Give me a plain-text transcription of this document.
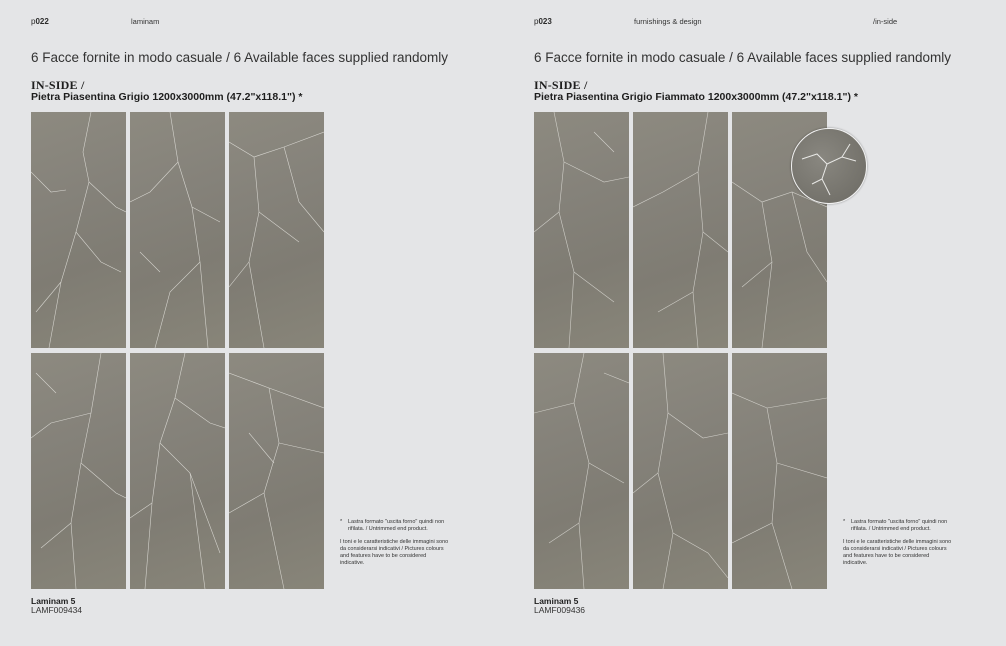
p022	laminam
6 Facce fornite in modo casuale / 6 Available faces supplied randomly
IN-SIDE /
Pietra Piasentina Grigio 1200x3000mm (47.2"x118.1") *
*	Lastra formato "uscita forno" quindi non rifilata. / Untrimmed end product.
I toni e le caratteristiche delle immagini sono da considerarsi indicativi / Pictures colours and features have to be considered indicative.
Laminam 5
LAMF009434
p023	furnishings & design	/in-side
6 Facce fornite in modo casuale / 6 Available faces supplied randomly
IN-SIDE /
Pietra Piasentina Grigio Fiammato 1200x3000mm (47.2"x118.1") *
*	Lastra formato "uscita forno" quindi non rifilata. / Untrimmed end product.
I toni e le caratteristiche delle immagini sono da considerarsi indicativi / Pictures colours and features have to be considered indicative.
Laminam 5
LAMF009436
